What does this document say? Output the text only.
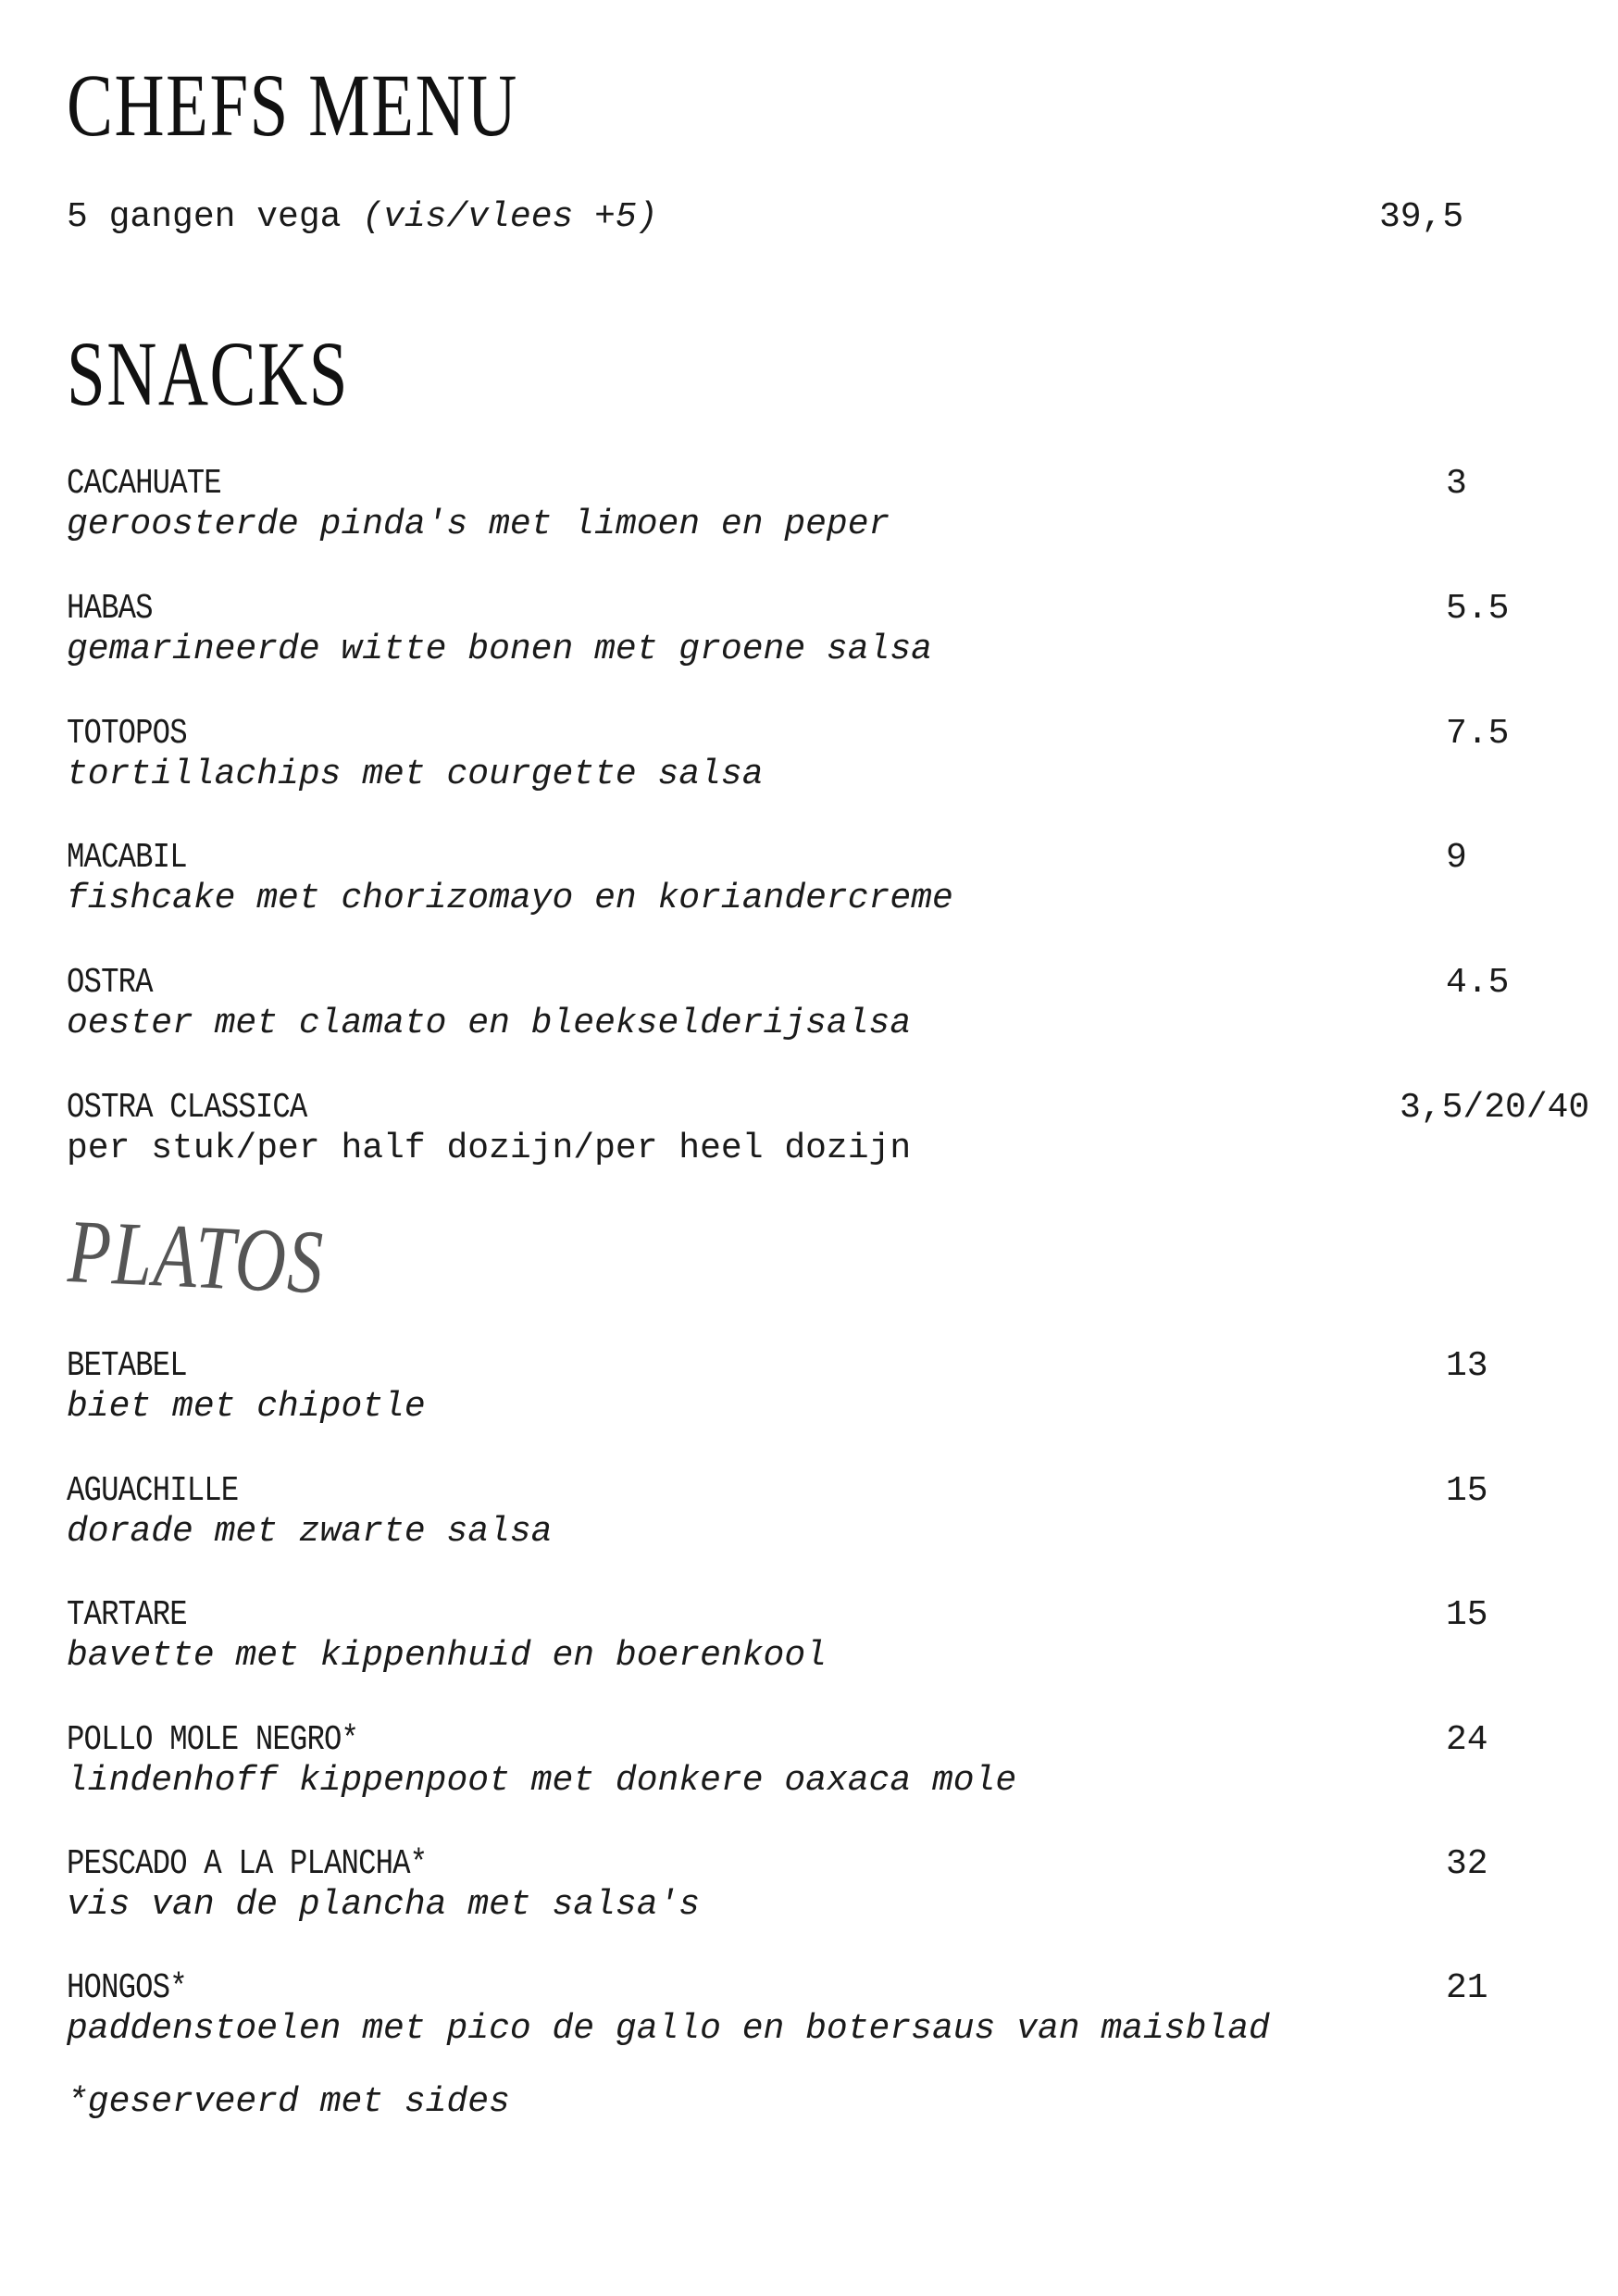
CHEFS MENU
5 gangen vega (vis/vlees +5)	39,5
SNACKS
CACAHUATE
geroosterde pinda's met limoen en peper
3
HABAS
gemarineerde witte bonen met groene salsa
5.5
TOTOPOS
tortillachips met courgette salsa
7.5
MACABIL
fishcake met chorizomayo en koriandercreme
9
OSTRA
oester met clamato en bleekselderijsalsa
4.5
OSTRA CLASSICA
per stuk/per half dozijn/per heel dozijn
3,5/20/40
PLATOS
BETABEL
biet met chipotle
13
AGUACHILLE
dorade met zwarte salsa
15
TARTARE
bavette met kippenhuid en boerenkool
15
POLLO MOLE NEGRO*
lindenhoff kippenpoot met donkere oaxaca mole
24
PESCADO A LA PLANCHA*
vis van de plancha met salsa's
32
HONGOS*
paddenstoelen met pico de gallo en botersaus van maisblad
21
*geserveerd met sides
